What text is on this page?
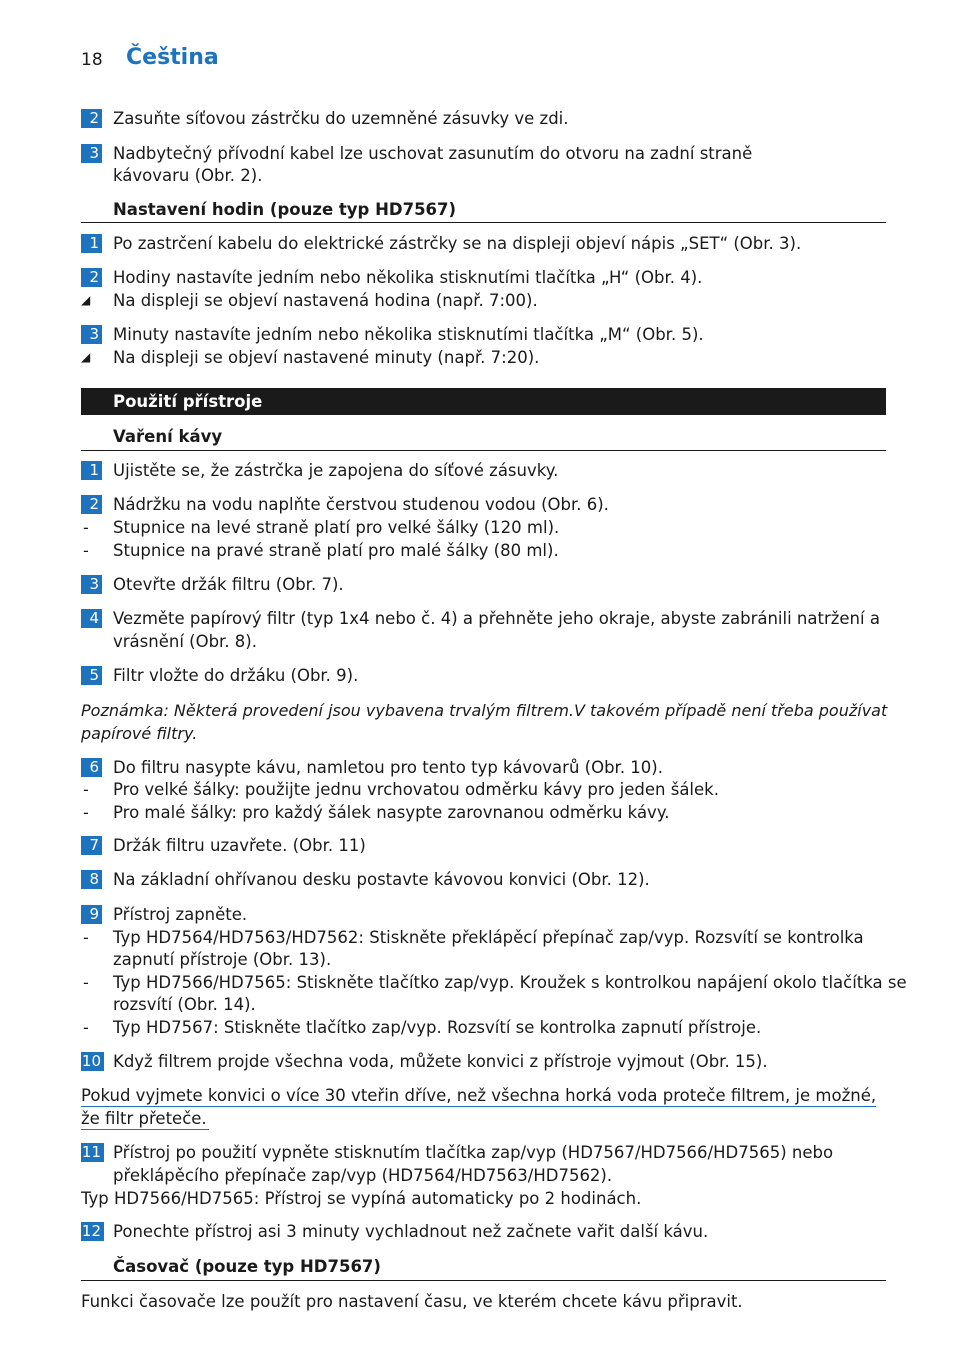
18 Čeština
2 Zasuňte síťovou zástrčku do uzemněné zásuvky ve zdi.
3 Nadbytečný přívodní kabel lze uschovat zasunutím do otvoru na zadní straně
kávovaru (Obr. 2).
Nastavení hodin (pouze typ HD7567)
1 Po zastrčení kabelu do elektrické zástrčky se na displeji objeví nápis „SET“ (Obr. 3).
2 Hodiny nastavíte jedním nebo několika stisknutími tlačítka „H“ (Obr. 4).
◢ Na displeji se objeví nastavená hodina (např. 7:00).
3 Minuty nastavíte jedním nebo několika stisknutími tlačítka „M“ (Obr. 5).
◢ Na displeji se objeví nastavené minuty (např. 7:20).
Použití přístroje
Vaření kávy
1 Ujistěte se, že zástrčka je zapojena do síťové zásuvky.
2 Nádržku na vodu naplňte čerstvou studenou vodou (Obr. 6).
- Stupnice na levé straně platí pro velké šálky (120 ml).
- Stupnice na pravé straně platí pro malé šálky (80 ml).
3 Otevřte držák filtru (Obr. 7).
4 Vezměte papírový filtr (typ 1x4 nebo č. 4) a přehněte jeho okraje, abyste zabránili natržení a
vrásnění (Obr. 8).
5 Filtr vložte do držáku (Obr. 9).
Poznámka: Některá provedení jsou vybavena trvalým filtrem.V takovém případě není třeba používat
papírové filtry.
6 Do filtru nasypte kávu, namletou pro tento typ kávovarů (Obr. 10).
- Pro velké šálky: použijte jednu vrchovatou odměrku kávy pro jeden šálek.
- Pro malé šálky: pro každý šálek nasypte zarovnanou odměrku kávy.
7 Držák filtru uzavřete. (Obr. 11)
8 Na základní ohřívanou desku postavte kávovou konvici (Obr. 12).
9 Přístroj zapněte.
- Typ HD7564/HD7563/HD7562: Stiskněte překlápěcí přepínač zap/vyp. Rozsvítí se kontrolka
zapnutí přístroje (Obr. 13).
- Typ HD7566/HD7565: Stiskněte tlačítko zap/vyp. Kroužek s kontrolkou napájení okolo tlačítka se
rozsvítí (Obr. 14).
- Typ HD7567: Stiskněte tlačítko zap/vyp. Rozsvítí se kontrolka zapnutí přístroje.
10 Když filtrem projde všechna voda, můžete konvici z přístroje vyjmout (Obr. 15).
Pokud vyjmete konvici o více 30 vteřin dříve, než všechna horká voda proteče filtrem, je možné,
že filtr přeteče.
11 Přístroj po použití vypněte stisknutím tlačítka zap/vyp (HD7567/HD7566/HD7565) nebo
překlápěcího přepínače zap/vyp (HD7564/HD7563/HD7562).
Typ HD7566/HD7565: Přístroj se vypíná automaticky po 2 hodinách.
12 Ponechte přístroj asi 3 minuty vychladnout než začnete vařit další kávu.
Časovač (pouze typ HD7567)
Funkci časovače lze použít pro nastavení času, ve kterém chcete kávu připravit.
